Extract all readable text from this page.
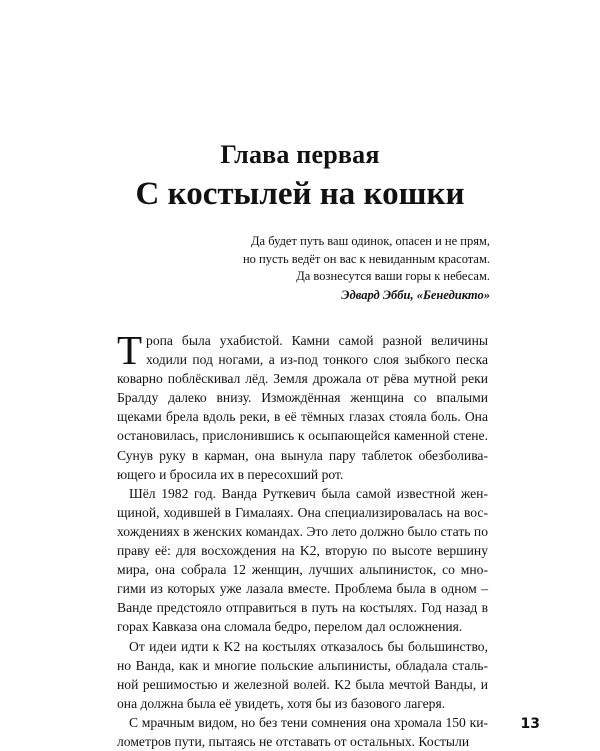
Глава первая
С костылей на кошки
Да будет путь ваш одинок, опасен и не прям,
но пусть ведёт он вас к невиданным красотам.
Да вознесутся ваши горы к небесам.
Эдвард Эбби, «Бенедикто»

Тропа была ухабистой. Камни самой разной величины ходили под ногами, а из-под тонкого слоя зыбкого песка коварно поблёскивал лёд. Земля дрожала от рёва мутной реки Бралду далеко внизу. Измождённая женщина со впалыми щеками брела вдоль реки, в её тёмных глазах стояла боль. Она остановилась, прислонившись к осыпающейся каменной стене. Сунув руку в карман, она вынула пару таблеток обезболивающего и бросила их в пересохший рот.

Шёл 1982 год. Ванда Руткевич была самой известной женщиной, ходившей в Гималаях. Она специализировалась на восхождениях в женских командах. Это лето должно было стать по праву её: для восхождения на K2, вторую по высоте вершину мира, она собрала 12 женщин, лучших альпинисток, со многими из которых уже лазала вместе. Проблема была в одном – Ванде предстояло отправиться в путь на костылях. Год назад в горах Кавказа она сломала бедро, перелом дал осложнения.

От идеи идти к K2 на костылях отказалось бы большинство, но Ванда, как и многие польские альпинисты, обладала стальной решимостью и железной волей. K2 была мечтой Ванды, и она должна была её увидеть, хотя бы из базового лагеря.

С мрачным видом, но без тени сомнения она хромала 150 километров пути, пытаясь не отставать от остальных. Костыли

13
